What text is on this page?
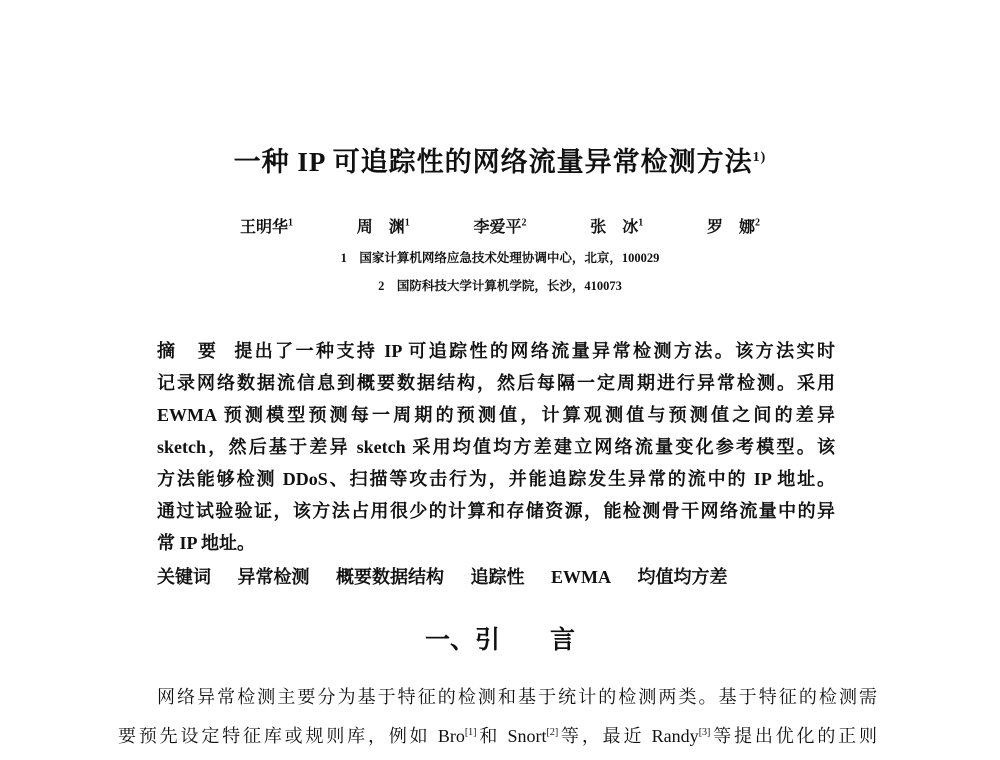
一种 IP 可追踪性的网络流量异常检测方法$^{1)}$
王明华$^1$	周　渊$^1$	李爱平$^2$	张　冰$^1$	罗　娜$^2$
1　国家计算机网络应急技术处理协调中心，北京，100029
2　国防科技大学计算机学院，长沙，410073
摘　要 提出了一种支持 IP 可追踪性的网络流量异常检测方法。该方法实时
记录网络数据流信息到概要数据结构，然后每隔一定周期进行异常检测。采用
EWMA 预测模型预测每一周期的预测值，计算观测值与预测值之间的差异
sketch，然后基于差异 sketch 采用均值均方差建立网络流量变化参考模型。该
方法能够检测 DDoS、扫描等攻击行为，并能追踪发生异常的流中的 IP 地址。
通过试验验证，该方法占用很少的计算和存储资源，能检测骨干网络流量中的异
常 IP 地址。
关键词 异常检测 概要数据结构 追踪性 EWMA 均值均方差
一、引　　言
网络异常检测主要分为基于特征的检测和基于统计的检测两类。基于特征的检测需
要预先设定特征库或规则库，例如 Bro[1]和 Snort[2]等，最近 Randy[3]等提出优化的正则
